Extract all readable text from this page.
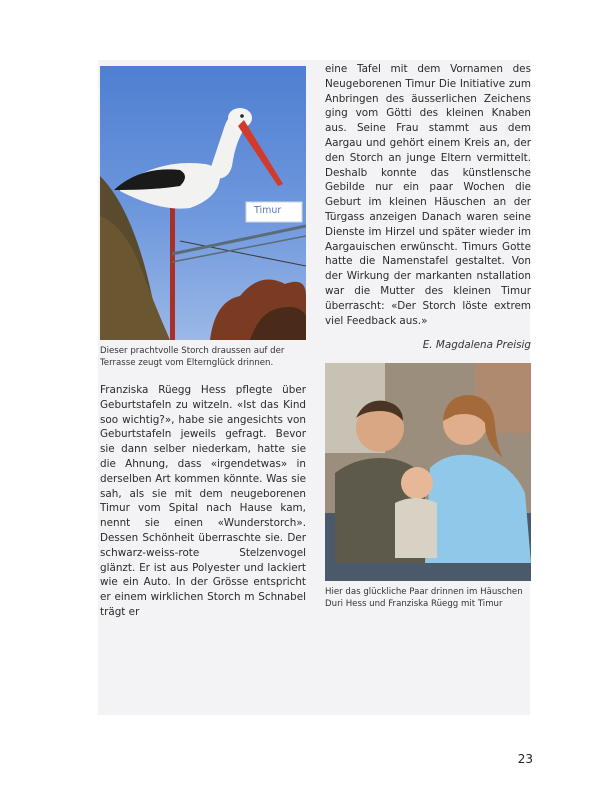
Timur
Dieser prachtvolle Storch draussen auf der Terrasse zeugt vom Elternglück drinnen.

Franziska Rüegg Hess pflegte über Geburtstafeln zu witzeln. «Ist das Kind soo wichtig?», habe sie angesichts von Geburtstafeln jeweils gefragt. Bevor sie dann selber niederkam, hatte sie die Ahnung, dass «irgendetwas» in derselben Art kommen könnte. Was sie sah, als sie mit dem neugeborenen Timur vom Spital nach Hause kam, nennt sie einen «Wunderstorch». Dessen Schönheit überraschte sie. Der schwarz-weiss-rote Stelzenvogel glänzt. Er ist aus Polyester und lackiert wie ein Auto. In der Grösse entspricht er einem wirklichen Storch m Schnabel trägt er

eine Tafel mit dem Vornamen des Neugeborenen Timur Die Initiative zum Anbringen des äusserlichen Zeichens ging vom Götti des kleinen Knaben aus. Seine Frau stammt aus dem Aargau und gehört einem Kreis an, der den Storch an junge Eltern vermittelt. Deshalb konnte das künstlensche Gebilde nur ein paar Wochen die Geburt im kleinen Häuschen an der Türgass anzeigen Danach waren seine Dienste im Hirzel und später wieder im Aargauischen erwünscht. Timurs Gotte hatte die Namenstafel gestaltet. Von der Wirkung der markanten nstallation war die Mutter des kleinen Timur überrascht: «Der Storch löste extrem viel Feedback aus.»

E. Magdalena Preisig
Hier das glückliche Paar drinnen im Häuschen Duri Hess und Franziska Rüegg mit Timur
23
